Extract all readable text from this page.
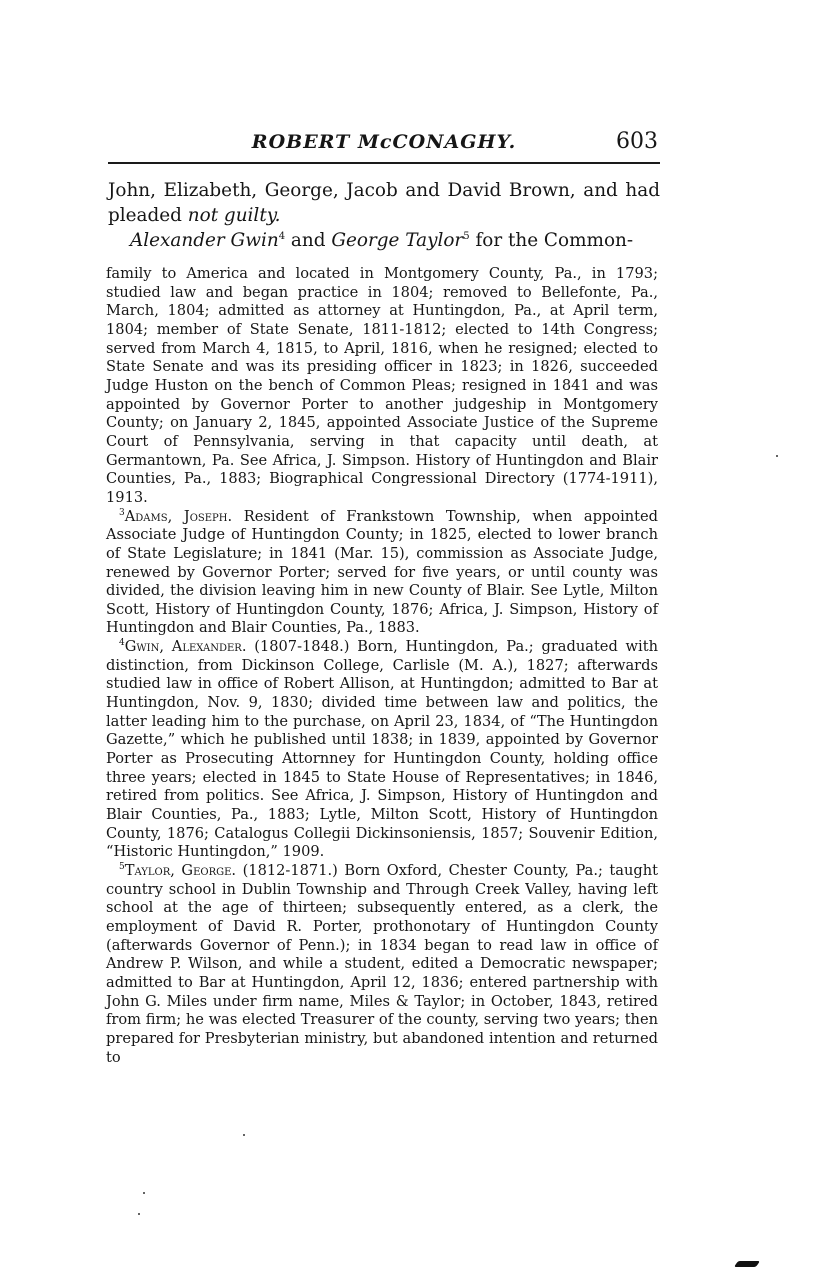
ROBERT McCONAGHY.	603

John, Elizabeth, George, Jacob and David Brown, and had pleaded not guilty.

Alexander Gwin$^4$ and George Taylor$^5$ for the Common-

family to America and located in Montgomery County, Pa., in 1793; studied law and began practice in 1804; removed to Bellefonte, Pa., March, 1804; admitted as attorney at Huntingdon, Pa., at April term, 1804; member of State Senate, 1811-1812; elected to 14th Congress; served from March 4, 1815, to April, 1816, when he resigned; elected to State Senate and was its presiding officer in 1823; in 1826, succeeded Judge Huston on the bench of Common Pleas; resigned in 1841 and was appointed by Governor Porter to another judgeship in Montgomery County; on January 2, 1845, appointed Associate Justice of the Supreme Court of Pennsylvania, serving in that capacity until death, at Germantown, Pa. See Africa, J. Simpson. History of Huntingdon and Blair Counties, Pa., 1883; Biographical Congressional Directory (1774-1911), 1913.

$^3$Adams, Joseph. Resident of Frankstown Township, when appointed Associate Judge of Huntingdon County; in 1825, elected to lower branch of State Legislature; in 1841 (Mar. 15), commission as Associate Judge, renewed by Governor Porter; served for five years, or until county was divided, the division leaving him in new County of Blair. See Lytle, Milton Scott, History of Huntingdon County, 1876; Africa, J. Simpson, History of Huntingdon and Blair Counties, Pa., 1883.

$^4$Gwin, Alexander. (1807-1848.) Born, Huntingdon, Pa.; graduated with distinction, from Dickinson College, Carlisle (M. A.), 1827; afterwards studied law in office of Robert Allison, at Huntingdon; admitted to Bar at Huntingdon, Nov. 9, 1830; divided time between law and politics, the latter leading him to the purchase, on April 23, 1834, of “The Huntingdon Gazette,” which he published until 1838; in 1839, appointed by Governor Porter as Prosecuting Attornney for Huntingdon County, holding office three years; elected in 1845 to State House of Representatives; in 1846, retired from politics. See Africa, J. Simpson, History of Huntingdon and Blair Counties, Pa., 1883; Lytle, Milton Scott, History of Huntingdon County, 1876; Catalogus Collegii Dickinsoniensis, 1857; Souvenir Edition, “Historic Huntingdon,” 1909.

$^5$Taylor, George. (1812-1871.) Born Oxford, Chester County, Pa.; taught country school in Dublin Township and Through Creek Valley, having left school at the age of thirteen; subsequently entered, as a clerk, the employment of David R. Porter, prothonotary of Huntingdon County (afterwards Governor of Penn.); in 1834 began to read law in office of Andrew P. Wilson, and while a student, edited a Democratic newspaper; admitted to Bar at Huntingdon, April 12, 1836; entered partnership with John G. Miles under firm name, Miles & Taylor; in October, 1843, retired from firm; he was elected Treasurer of the county, serving two years; then prepared for Presbyterian ministry, but abandoned intention and returned to
